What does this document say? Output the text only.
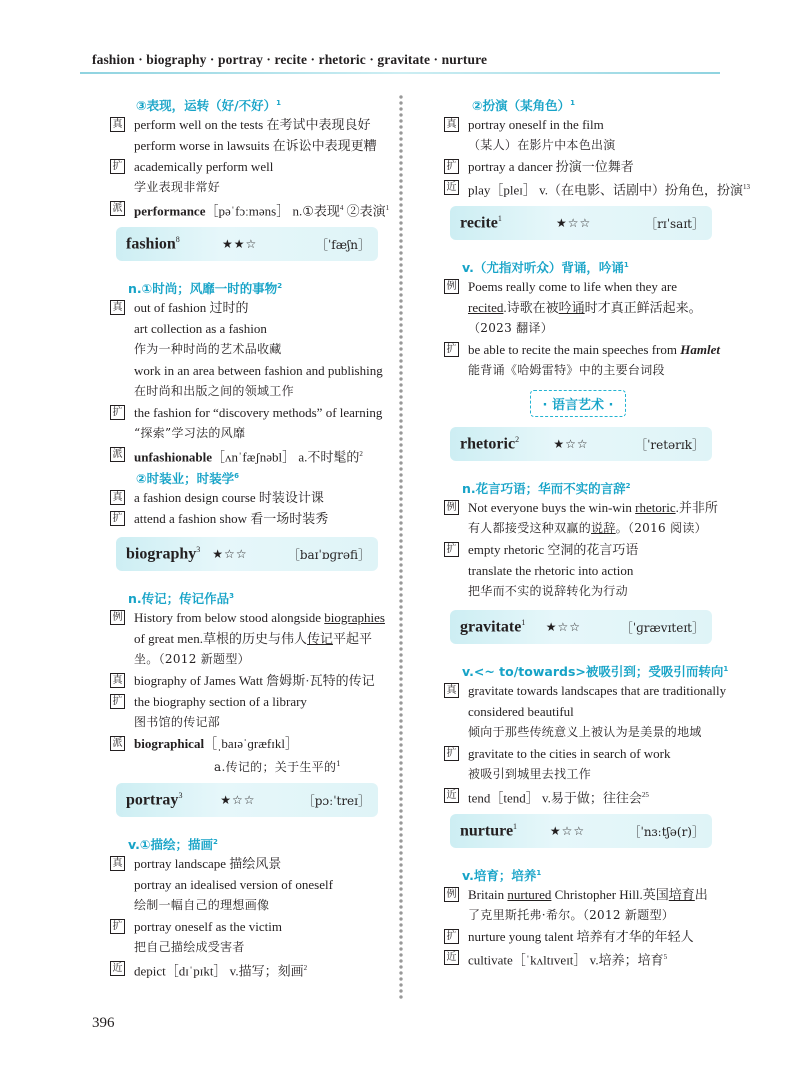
fashion · biography · portray · recite · rhetoric · gravitate · nurture
③表现，运转（好/不好）$^1$
真 perform well on the tests 在考试中表现良好
perform worse in lawsuits 在诉讼中表现更糟
扩 academically perform well
学业表现非常好
派 performance［pəˈfɔːməns］ n.①表现$^4$ ②表演$^1$
fashion$^8$	★★☆	［ˈfæʃn］
n.①时尚；风靡一时的事物$^2$
真 out of fashion 过时的
art collection as a fashion
作为一种时尚的艺术品收藏
work in an area between fashion and publishing
在时尚和出版之间的领域工作
扩 the fashion for “discovery methods” of learning
“探索”学习法的风靡
派 unfashionable［ʌnˈfæʃnəbl］ a.不时髦的$^2$
②时装业；时装学$^6$
真 a fashion design course 时装设计课
扩 attend a fashion show 看一场时装秀
biography$^3$	★☆☆	［baɪˈɒɡrəfi］
n.传记；传记作品$^3$
例 History from below stood alongside biographies
of great men.草根的历史与伟人传记平起平
坐。（2012 新题型）
真 biography of James Watt 詹姆斯·瓦特的传记
扩 the biography section of a library
图书馆的传记部
派 biographical［ˌbaɪəˈɡræfɪkl］
a.传记的；关于生平的$^1$
portray$^3$	★☆☆	［pɔːˈtreɪ］
v.①描绘；描画$^2$
真 portray landscape 描绘风景
portray an idealised version of oneself
绘制一幅自己的理想画像
扩 portray oneself as the victim
把自己描绘成受害者
近 depict［dɪˈpɪkt］ v.描写；刻画$^2$
②扮演（某角色）$^1$
真 portray oneself in the film
（某人）在影片中本色出演
扩 portray a dancer 扮演一位舞者
近 play［pleɪ］ v.（在电影、话剧中）扮角色，扮演$^{13}$
recite$^1$	★☆☆	［rɪˈsaɪt］
v.（尤指对听众）背诵，吟诵$^1$
例 Poems really come to life when they are
recited.诗歌在被吟诵时才真正鲜活起来。
（2023 翻译）
扩 be able to recite the main speeches from Hamlet
能背诵《哈姆雷特》中的主要台词段
· 语言艺术 ·
rhetoric$^2$	★☆☆	［ˈretərɪk］
n.花言巧语；华而不实的言辞$^2$
例 Not everyone buys the win-win rhetoric.并非所
有人都接受这种双赢的说辞。（2016 阅读）
扩 empty rhetoric 空洞的花言巧语
translate the rhetoric into action
把华而不实的说辞转化为行动
gravitate$^1$	★☆☆	［ˈɡrævɪteɪt］
v.<~ to/towards>被吸引到；受吸引而转向$^1$
真 gravitate towards landscapes that are traditionally
considered beautiful
倾向于那些传统意义上被认为是美景的地域
扩 gravitate to the cities in search of work
被吸引到城里去找工作
近 tend［tend］ v.易于做；往往会$^{25}$
nurture$^1$	★☆☆	［ˈnɜːtʃə(r)］
v.培育；培养$^1$
例 Britain nurtured Christopher Hill.英国培育出
了克里斯托弗·希尔。（2012 新题型）
扩 nurture young talent 培养有才华的年轻人
近 cultivate［ˈkʌltɪveɪt］ v.培养；培育$^5$
396
